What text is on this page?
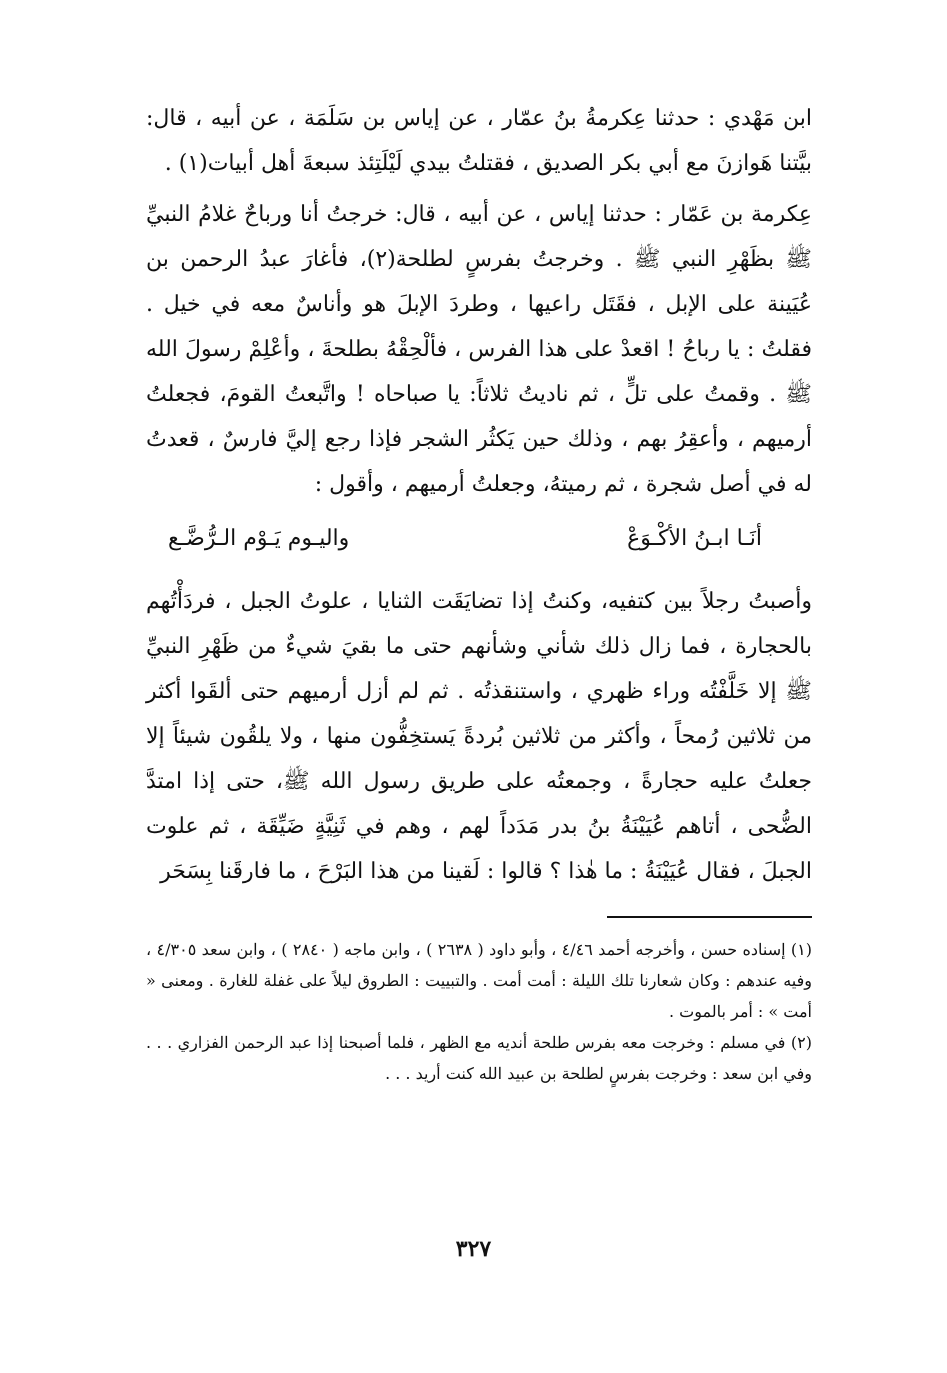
ابن مَهْدي : حدثنا عِكرمةُ بنُ عمّار ، عن إياس بن سَلَمَة ، عن أبيه ، قال: بيَّتنا هَوازنَ مع أبي بكر الصديق ، فقتلتُ بيدي لَيْلَتِئذ سبعةَ أهل أبيات(١) .

عِكرمة بن عَمّار : حدثنا إياس ، عن أبيه ، قال: خرجتُ أنا ورباحٌ غلامُ النبيِّ ﷺ بظَهْرِ النبي ﷺ . وخرجتُ بفرسٍ لطلحة(٢)، فأغارَ عبدُ الرحمن بن عُيَينة على الإبل ، فقَتَل راعيها ، وطردَ الإبلَ هو وأناسٌ معه في خيل . فقلتُ : يا رباحُ ! اقعدْ على هذا الفرس ، فألْحِقْهُ بطلحةَ ، وأعْلِمْ رسولَ الله ﷺ . وقمتُ على تلٍّ ، ثم ناديتُ ثلاثاً: يا صباحاه ! واتَّبعتُ القومَ، فجعلتُ أرميهم ، وأعقِرُ بهم ، وذلك حين يَكثُر الشجر فإذا رجع إليَّ فارسٌ ، قعدتُ له في أصل شجرة ، ثم رميتهُ، وجعلتُ أرميهم ، وأقول :

أنَـا ابـنُ الأكْـوَعْ
واليـوم يَـوْم الـرُّضَّـع

وأصبتُ رجلاً بين كتفيه، وكنتُ إذا تضايَقَت الثنايا ، علوتُ الجبل ، فردَأْتُهم بالحجارة ، فما زال ذلك شأني وشأنهم حتى ما بقيَ شيءٌ من ظَهْرِ النبيِّ ﷺ إلا خَلَّفْتُه وراء ظهري ، واستنقذتُه . ثم لم أزل أرميهم حتى ألقَوا أكثر من ثلاثين رُمحاً ، وأكثر من ثلاثين بُردةً يَستخِفُّون منها ، ولا يلقُون شيئاً إلا جعلتُ عليه حجارةً ، وجمعتُه على طريق رسول الله ﷺ، حتى إذا امتدَّ الضُّحى ، أتاهم عُيَيْنَةُ بنُ بدر مَدَداً لهم ، وهم في ثَنِيَّةٍ ضَيِّقَة ، ثم علوت الجبلَ ، فقال عُيَيْنَةُ : ما هٰذا ؟ قالوا : لَقينا من هذا البَرْحَ ، ما فارقَنا بِسَحَر

(١) إسناده حسن ، وأخرجه أحمد ٤/٤٦ ، وأبو داود ( ٢٦٣٨ ) ، وابن ماجه ( ٢٨٤٠ ) ، وابن سعد ٤/٣٠٥ ، وفيه عندهم : وكان شعارنا تلك الليلة : أمت أمت . والتبييت : الطروق ليلاً على غفلة للغارة . ومعنى « أمت » : أمر بالموت .

(٢) في مسلم : وخرجت معه بفرس طلحة أنديه مع الظهر ، فلما أصبحنا إذا عبد الرحمن الفزاري . . . وفي ابن سعد : وخرجت بفرسٍ لطلحة بن عبيد الله كنت أريد . . .

٣٢٧
